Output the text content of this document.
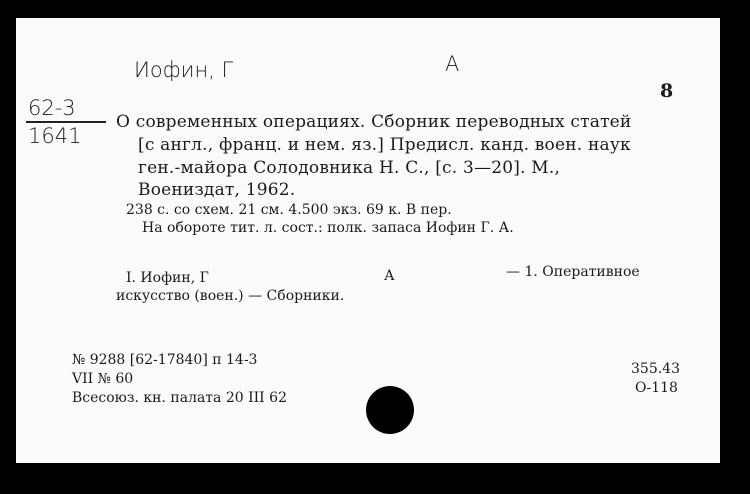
Иофин, Г	А
62-3
1641
8
О современных операциях. Сборник переводных статей
[с англ., франц. и нем. яз.] Предисл. канд. воен. наук
ген.-майора Солодовника Н. С., [с. 3—20]. М.,
Воениздат, 1962.
238 с. со схем. 21 см. 4.500 экз. 69 к. В пер.
На обороте тит. л. сост.: полк. запаса Иофин Г. А.
I. Иофин, Г	А	— 1. Оперативное
искусство (воен.) — Сборники.
№ 9288 [62-17840] п 14-3
VII № 60
Всесоюз. кн. палата 20 III 62
355.43
О-118
